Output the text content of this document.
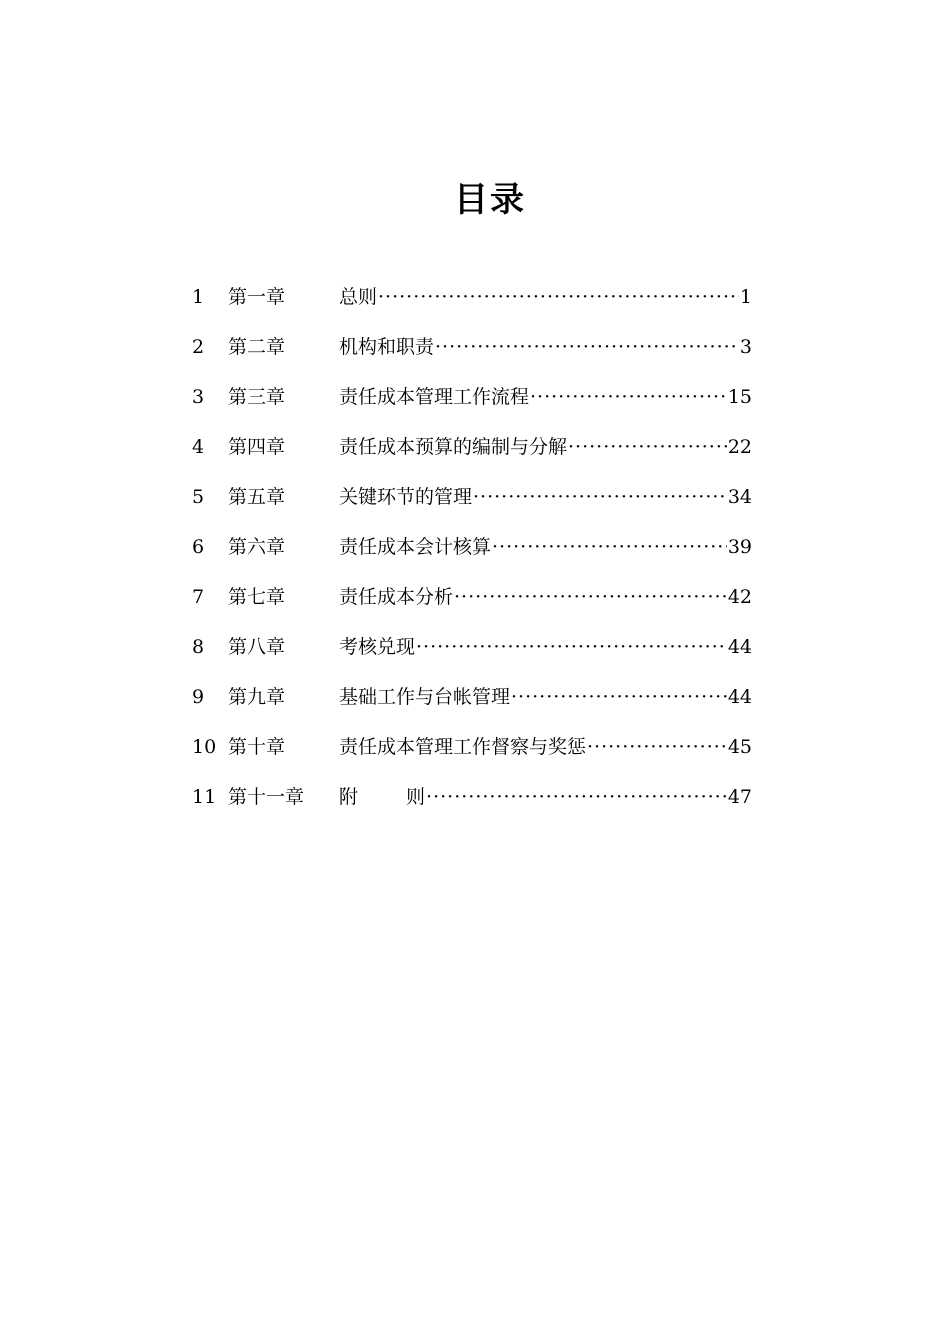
目录
1 第一章	总则 ·····	1
2 第二章	机构和职责 ·····	3
3 第三章	责任成本管理工作流程 ·····	15
4 第四章	责任成本预算的编制与分解 ·····	22
5 第五章	关键环节的管理 ·····	34
6 第六章	责任成本会计核算 ·····	39
7 第七章	责任成本分析 ·····	42
8 第八章	考核兑现 ·····	44
9 第九章	基础工作与台帐管理 ·····	44
10 第十章	责任成本管理工作督察与奖惩 ·····	45
11 第十一章 附 则 ·····	47
